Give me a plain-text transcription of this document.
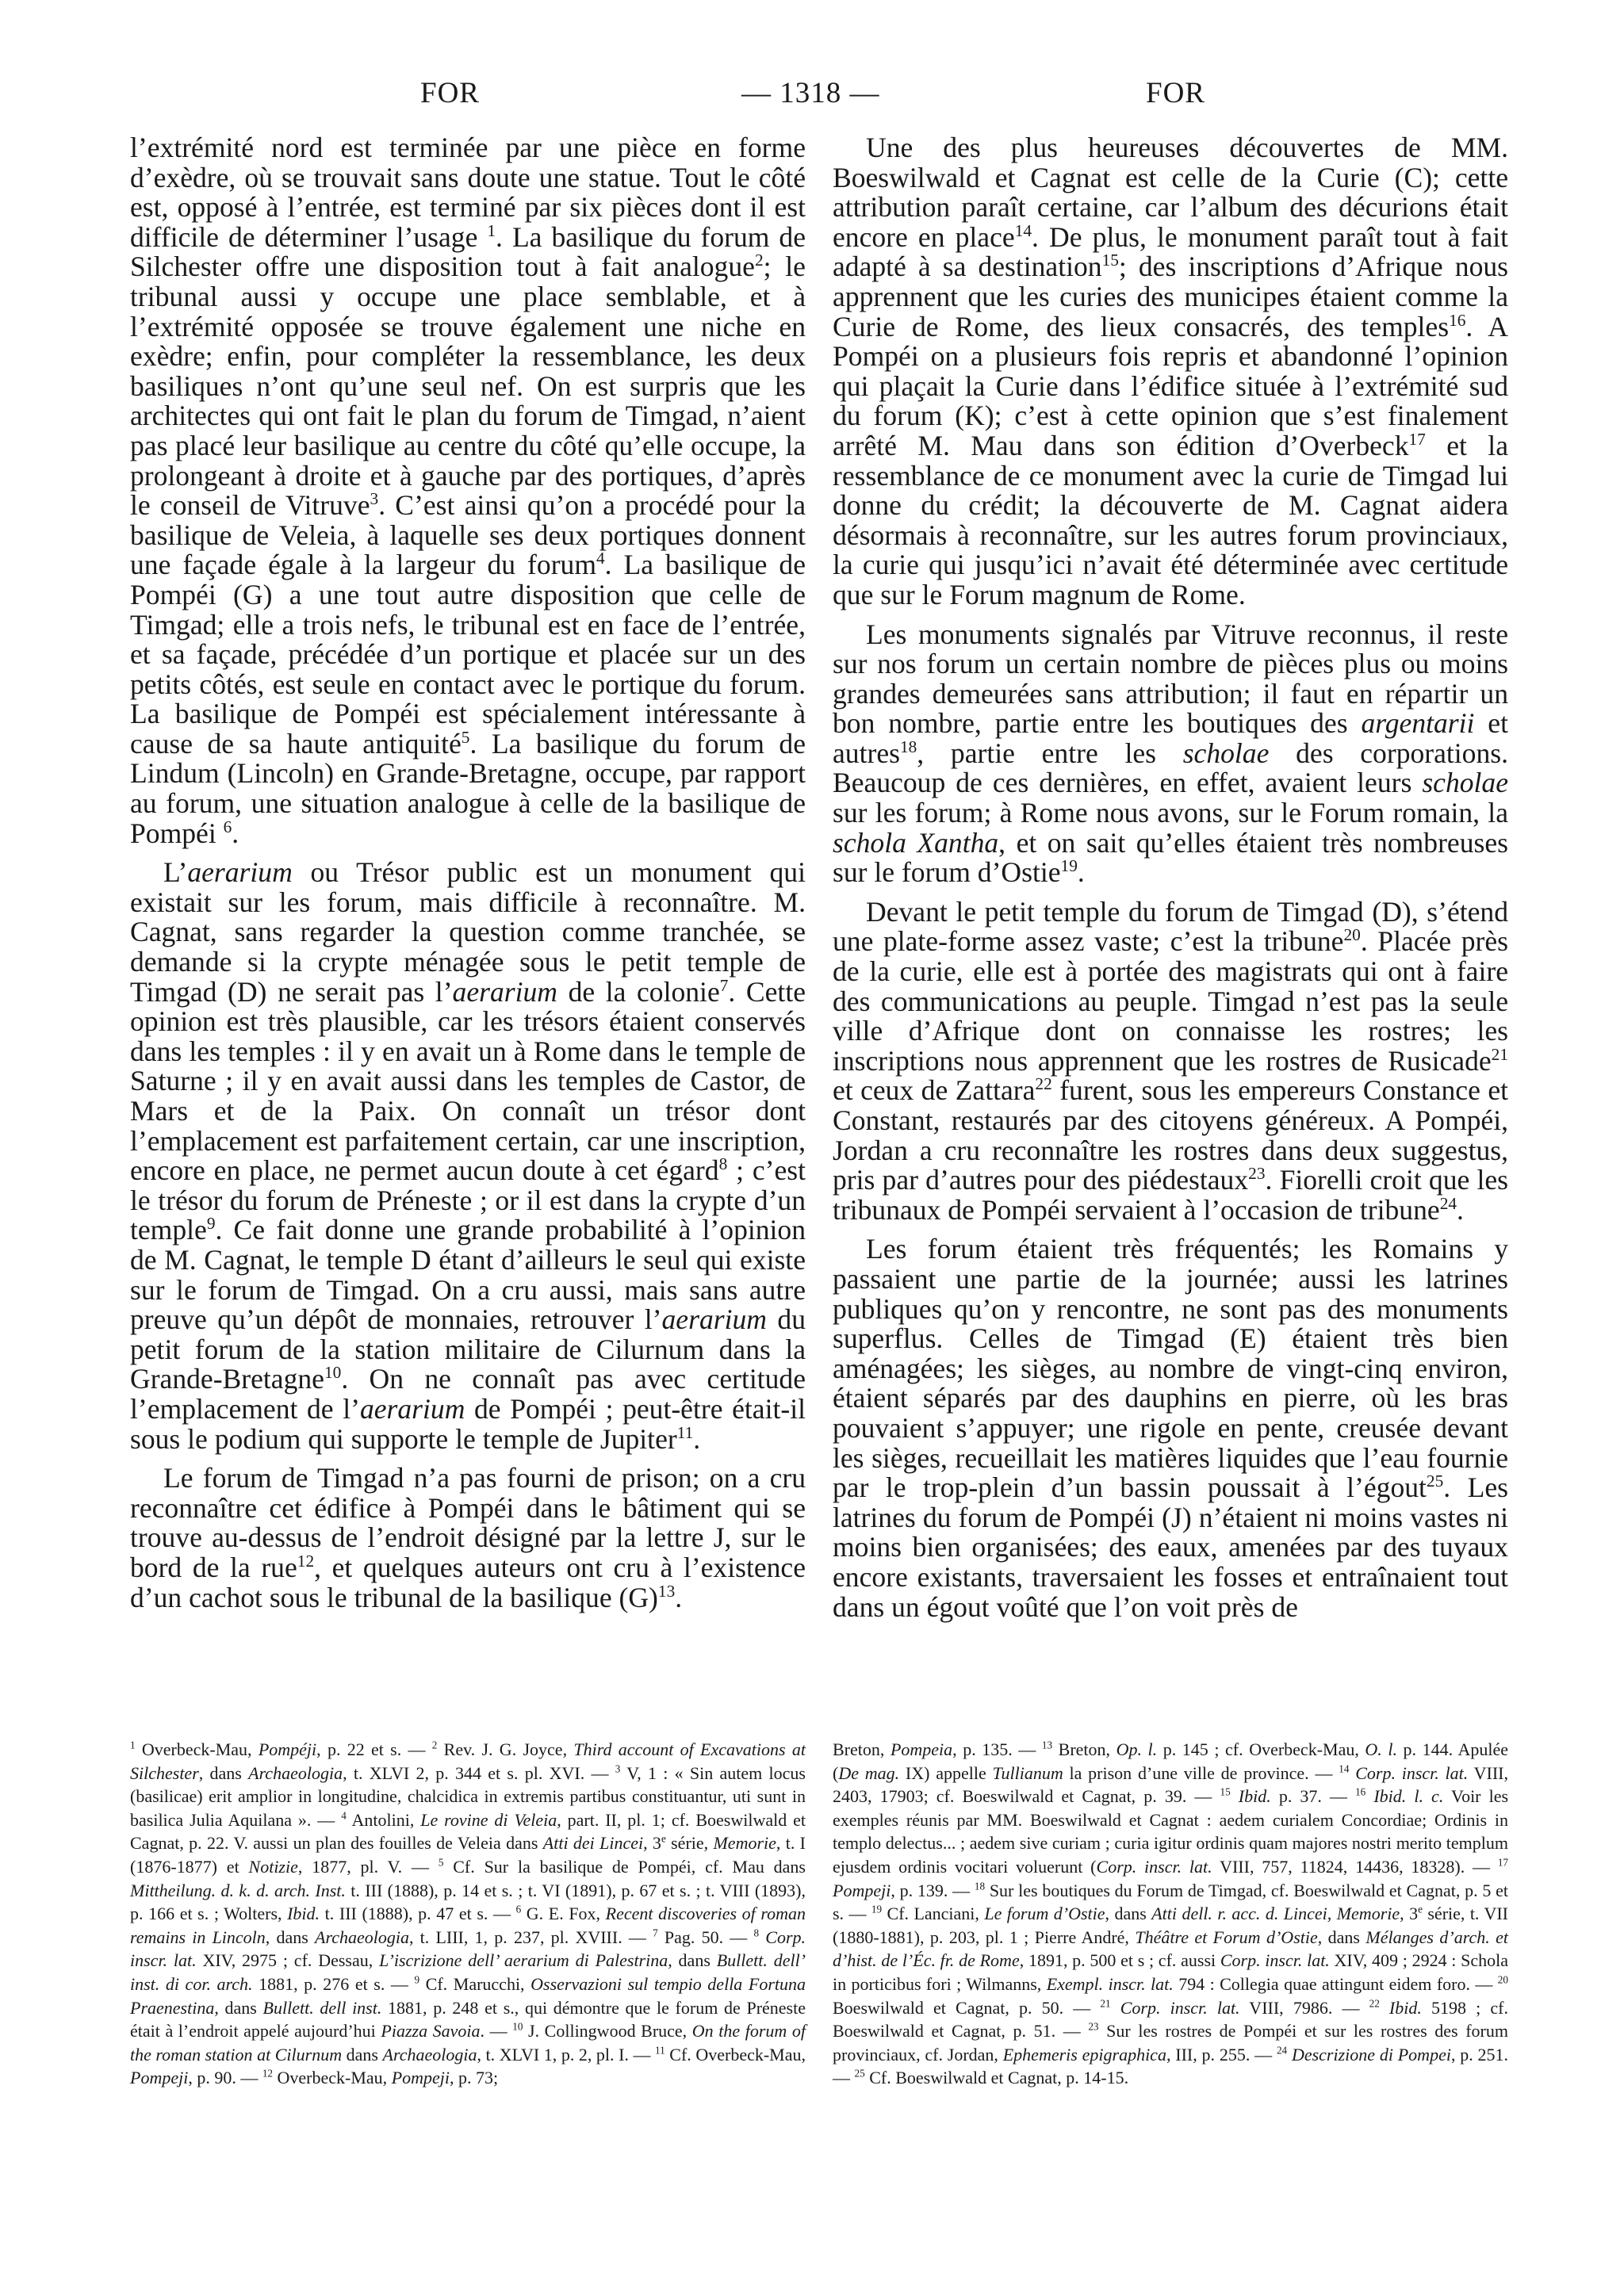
FOR	— 1318 —	FOR

l’extrémité nord est terminée par une pièce en forme d’exèdre, où se trouvait sans doute une statue. Tout le côté est, opposé à l’entrée, est terminé par six pièces dont il est difficile de déterminer l’usage $^1$. La basilique du forum de Silchester offre une disposition tout à fait analogue$^2$; le tribunal aussi y occupe une place semblable, et à l’extrémité opposée se trouve également une niche en exèdre; enfin, pour compléter la ressemblance, les deux basiliques n’ont qu’une seul nef. On est surpris que les architectes qui ont fait le plan du forum de Timgad, n’aient pas placé leur basilique au centre du côté qu’elle occupe, la prolongeant à droite et à gauche par des portiques, d’après le conseil de Vitruve$^3$. C’est ainsi qu’on a procédé pour la basilique de Veleia, à laquelle ses deux portiques donnent une façade égale à la largeur du forum$^4$. La basilique de Pompéi (G) a une tout autre disposition que celle de Timgad; elle a trois nefs, le tribunal est en face de l’entrée, et sa façade, précédée d’un portique et placée sur un des petits côtés, est seule en contact avec le portique du forum. La basilique de Pompéi est spécialement intéressante à cause de sa haute antiquité$^5$. La basilique du forum de Lindum (Lincoln) en Grande-Bretagne, occupe, par rapport au forum, une situation analogue à celle de la basilique de Pompéi $^6$.

L’aerarium ou Trésor public est un monument qui existait sur les forum, mais difficile à reconnaître. M. Cagnat, sans regarder la question comme tranchée, se demande si la crypte ménagée sous le petit temple de Timgad (D) ne serait pas l’aerarium de la colonie$^7$. Cette opinion est très plausible, car les trésors étaient conservés dans les temples : il y en avait un à Rome dans le temple de Saturne ; il y en avait aussi dans les temples de Castor, de Mars et de la Paix. On connaît un trésor dont l’emplacement est parfaitement certain, car une inscription, encore en place, ne permet aucun doute à cet égard$^8$ ; c’est le trésor du forum de Préneste ; or il est dans la crypte d’un temple$^9$. Ce fait donne une grande probabilité à l’opinion de M. Cagnat, le temple D étant d’ailleurs le seul qui existe sur le forum de Timgad. On a cru aussi, mais sans autre preuve qu’un dépôt de monnaies, retrouver l’aerarium du petit forum de la station militaire de Cilurnum dans la Grande-Bretagne$^{10}$. On ne connaît pas avec certitude l’emplacement de l’aerarium de Pompéi ; peut-être était-il sous le podium qui supporte le temple de Jupiter$^{11}$.

Le forum de Timgad n’a pas fourni de prison; on a cru reconnaître cet édifice à Pompéi dans le bâtiment qui se trouve au-dessus de l’endroit désigné par la lettre J, sur le bord de la rue$^{12}$, et quelques auteurs ont cru à l’existence d’un cachot sous le tribunal de la basilique $(G)^{13}$.

Une des plus heureuses découvertes de MM. Boeswilwald et Cagnat est celle de la Curie (C); cette attribution paraît certaine, car l’album des décurions était encore en place$^{14}$. De plus, le monument paraît tout à fait adapté à sa destination$^{15}$; des inscriptions d’Afrique nous apprennent que les curies des municipes étaient comme la Curie de Rome, des lieux consacrés, des temples$^{16}$. A Pompéi on a plusieurs fois repris et abandonné l’opinion qui plaçait la Curie dans l’édifice située à l’extrémité sud du forum (K); c’est à cette opinion que s’est finalement arrêté M. Mau dans son édition d’Overbeck$^{17}$ et la ressemblance de ce monument avec la curie de Timgad lui donne du crédit; la découverte de M. Cagnat aidera désormais à reconnaître, sur les autres forum provinciaux, la curie qui jusqu’ici n’avait été déterminée avec certitude que sur le Forum magnum de Rome.

Les monuments signalés par Vitruve reconnus, il reste sur nos forum un certain nombre de pièces plus ou moins grandes demeurées sans attribution; il faut en répartir un bon nombre, partie entre les boutiques des argentarii et autres$^{18}$, partie entre les scholae des corporations. Beaucoup de ces dernières, en effet, avaient leurs scholae sur les forum; à Rome nous avons, sur le Forum romain, la schola Xantha, et on sait qu’elles étaient très nombreuses sur le forum d’Ostie$^{19}$.

Devant le petit temple du forum de Timgad (D), s’étend une plate-forme assez vaste; c’est la tribune$^{20}$. Placée près de la curie, elle est à portée des magistrats qui ont à faire des communications au peuple. Timgad n’est pas la seule ville d’Afrique dont on connaisse les rostres; les inscriptions nous apprennent que les rostres de Rusicade$^{21}$ et ceux de Zattara$^{22}$ furent, sous les empereurs Constance et Constant, restaurés par des citoyens généreux. A Pompéi, Jordan a cru reconnaître les rostres dans deux suggestus, pris par d’autres pour des piédestaux$^{23}$. Fiorelli croit que les tribunaux de Pompéi servaient à l’occasion de tribune$^{24}$.

Les forum étaient très fréquentés; les Romains y passaient une partie de la journée; aussi les latrines publiques qu’on y rencontre, ne sont pas des monuments superflus. Celles de Timgad (E) étaient très bien aménagées; les sièges, au nombre de vingt-cinq environ, étaient séparés par des dauphins en pierre, où les bras pouvaient s’appuyer; une rigole en pente, creusée devant les sièges, recueillait les matières liquides que l’eau fournie par le trop-plein d’un bassin poussait à l’égout$^{25}$. Les latrines du forum de Pompéi (J) n’étaient ni moins vastes ni moins bien organisées; des eaux, amenées par des tuyaux encore existants, traversaient les fosses et entraînaient tout dans un égout voûté que l’on voit près de

$^1$ Overbeck-Mau, Pompéji, p. 22 et s. — $^2$ Rev. J. G. Joyce, Third account of Excavations at Silchester, dans Archaeologia, t. XLVI 2, p. 344 et s. pl. XVI. — $^3$ V, 1 : « Sin autem locus (basilicae) erit amplior in longitudine, chalcidica in extremis partibus constituantur, uti sunt in basilica Julia Aquilana ». — $^4$ Antolini, Le rovine di Veleia, part. II, pl. 1; cf. Boeswilwald et Cagnat, p. 22. V. aussi un plan des fouilles de Veleia dans Atti dei Lincei, 3e série, Memorie, t. I (1876-1877) et Notizie, 1877, pl. V. — $^5$ Cf. Sur la basilique de Pompéi, cf. Mau dans Mittheilung. d. k. d. arch. Inst. t. III (1888), p. 14 et s. ; t. VI (1891), p. 67 et s. ; t. VIII (1893), p. 166 et s. ; Wolters, Ibid. t. III (1888), p. 47 et s. — $^6$ G. E. Fox, Recent discoveries of roman remains in Lincoln, dans Archaeologia, t. LIII, 1, p. 237, pl. XVIII. — $^7$ Pag. 50. — $^8$ Corp. inscr. lat. XIV, 2975 ; cf. Dessau, L’iscrizione dell’ aerarium di Palestrina, dans Bullett. dell’ inst. di cor. arch. 1881, p. 276 et s. — $^9$ Cf. Marucchi, Osservazioni sul tempio della Fortuna Praenestina, dans Bullett. dell inst. 1881, p. 248 et s., qui démontre que le forum de Préneste était à l’endroit appelé aujourd’hui Piazza Savoia. — $^{10}$ J. Collingwood Bruce, On the forum of the roman station at Cilurnum dans Archaeologia, t. XLVI 1, p. 2, pl. I. — $^{11}$ Cf. Overbeck-Mau, Pompeji, p. 90. — $^{12}$ Overbeck-Mau, Pompeji, p. 73;

Breton, Pompeia, p. 135. — $^{13}$ Breton, Op. l. p. 145 ; cf. Overbeck-Mau, O. l. p. 144. Apulée (De mag. IX) appelle Tullianum la prison d’une ville de province. — $^{14}$ Corp. inscr. lat. VIII, 2403, 17903; cf. Boeswilwald et Cagnat, p. 39. — $^{15}$ Ibid. p. 37. — $^{16}$ Ibid. l. c. Voir les exemples réunis par MM. Boeswilwald et Cagnat : aedem curialem Concordiae; Ordinis in templo delectus... ; aedem sive curiam ; curia igitur ordinis quam majores nostri merito templum ejusdem ordinis vocitari voluerunt (Corp. inscr. lat. VIII, 757, 11824, 14436, 18328). — $^{17}$ Pompeji, p. 139. — $^{18}$ Sur les boutiques du Forum de Timgad, cf. Boeswilwald et Cagnat, p. 5 et s. — $^{19}$ Cf. Lanciani, Le forum d’Ostie, dans Atti dell. r. acc. d. Lincei, Memorie, 3e série, t. VII (1880-1881), p. 203, pl. 1 ; Pierre André, Théâtre et Forum d’Ostie, dans Mélanges d’arch. et d’hist. de l’Éc. fr. de Rome, 1891, p. 500 et s ; cf. aussi Corp. inscr. lat. XIV, 409 ; 2924 : Schola in porticibus fori ; Wilmanns, Exempl. inscr. lat. 794 : Collegia quae attingunt eidem foro. — $^{20}$ Boeswilwald et Cagnat, p. 50. — $^{21}$ Corp. inscr. lat. VIII, 7986. — $^{22}$ Ibid. 5198 ; cf. Boeswilwald et Cagnat, p. 51. — $^{23}$ Sur les rostres de Pompéi et sur les rostres des forum provinciaux, cf. Jordan, Ephemeris epigraphica, III, p. 255. — $^{24}$ Descrizione di Pompei, p. 251. — $^{25}$ Cf. Boeswilwald et Cagnat, p. 14-15.
